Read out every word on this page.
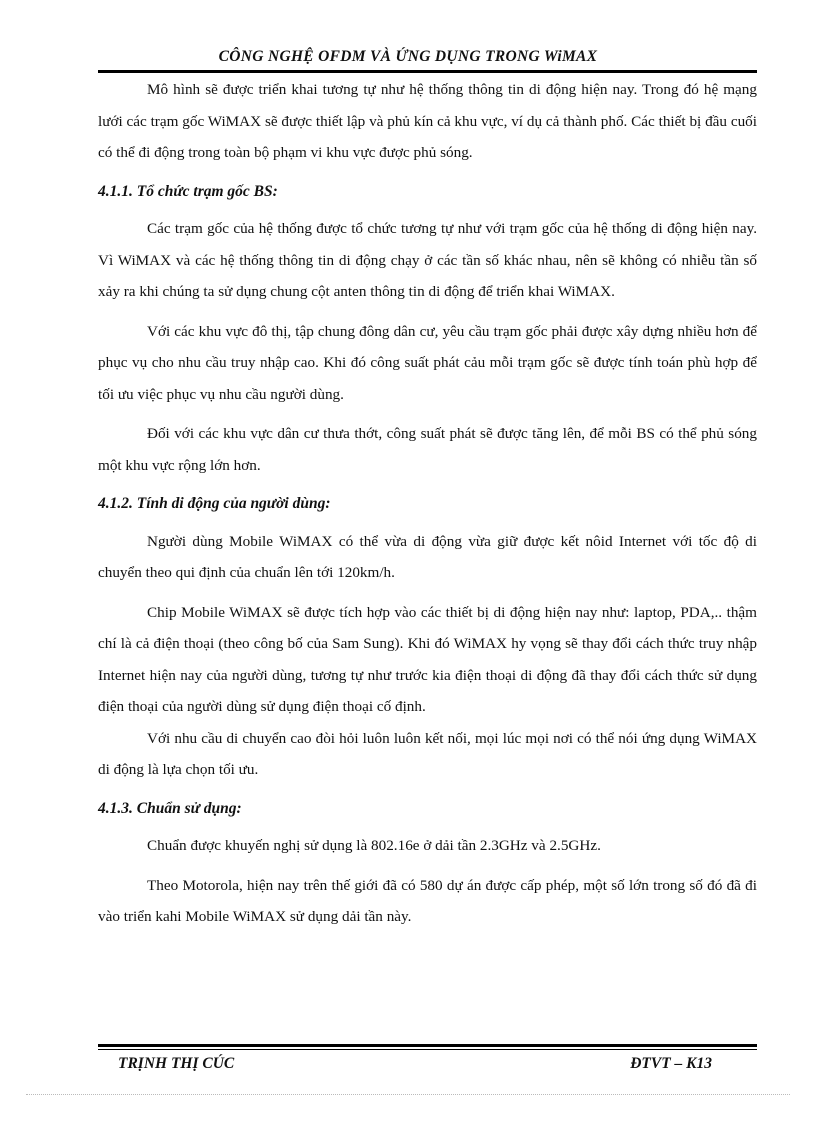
CÔNG NGHỆ OFDM VÀ ỨNG DỤNG TRONG WiMAX

Mô hình sẽ được triển khai tương tự như hệ thống thông tin di động hiện nay. Trong đó hệ mạng lưới các trạm gốc WiMAX sẽ được thiết lập và phủ kín cả khu vực, ví dụ cả thành phố. Các thiết bị đầu cuối có thể đi động trong toàn bộ phạm vi khu vực được phủ sóng.

4.1.1. Tổ chức trạm gốc BS:

Các trạm gốc của hệ thống được tổ chức tương tự như với trạm gốc của hệ thống di động hiện nay. Vì WiMAX và các hệ thống thông tin di động chạy ở các tần số khác nhau, nên sẽ không có nhiễu tần số xảy ra khi chúng ta sử dụng chung cột anten thông tin di động để triển khai WiMAX.

Với các khu vực đô thị, tập chung đông dân cư, yêu cầu trạm gốc phải được xây dựng nhiều hơn để phục vụ cho nhu cầu truy nhập cao. Khi đó công suất phát cảu mỗi trạm gốc sẽ được tính toán phù hợp để tối ưu việc phục vụ nhu cầu người dùng.

Đối với các khu vực dân cư thưa thớt, công suất phát sẽ được tăng lên, để mỗi BS có thể phủ sóng một khu vực rộng lớn hơn.

4.1.2. Tính di động của người dùng:

Người dùng Mobile WiMAX có thể vừa di động vừa giữ được kết nôid Internet với tốc độ di chuyển theo qui định của chuẩn lên tới 120km/h.

Chip Mobile WiMAX sẽ được tích hợp vào các thiết bị di động hiện nay như: laptop, PDA,.. thậm chí là cả điện thoại (theo công bố của Sam Sung). Khi đó WiMAX hy vọng sẽ thay đổi cách thức truy nhập Internet hiện nay của người dùng, tương tự như trước kia điện thoại di động đã thay đổi cách thức sử dụng điện thoại của người dùng sử dụng điện thoại cố định.

Với nhu cầu di chuyển cao đòi hỏi luôn luôn kết nối, mọi lúc mọi nơi có thể nói ứng dụng WiMAX di động là lựa chọn tối ưu.

4.1.3. Chuẩn sử dụng:

Chuẩn được khuyến nghị sử dụng là 802.16e ở dải tần 2.3GHz và 2.5GHz.

Theo Motorola, hiện nay trên thế giới đã có 580 dự án được cấp phép, một số lớn trong số đó đã đi vào triển kahi Mobile WiMAX sử dụng dải tần này.

TRỊNH THỊ CÚC	ĐTVT – K13
